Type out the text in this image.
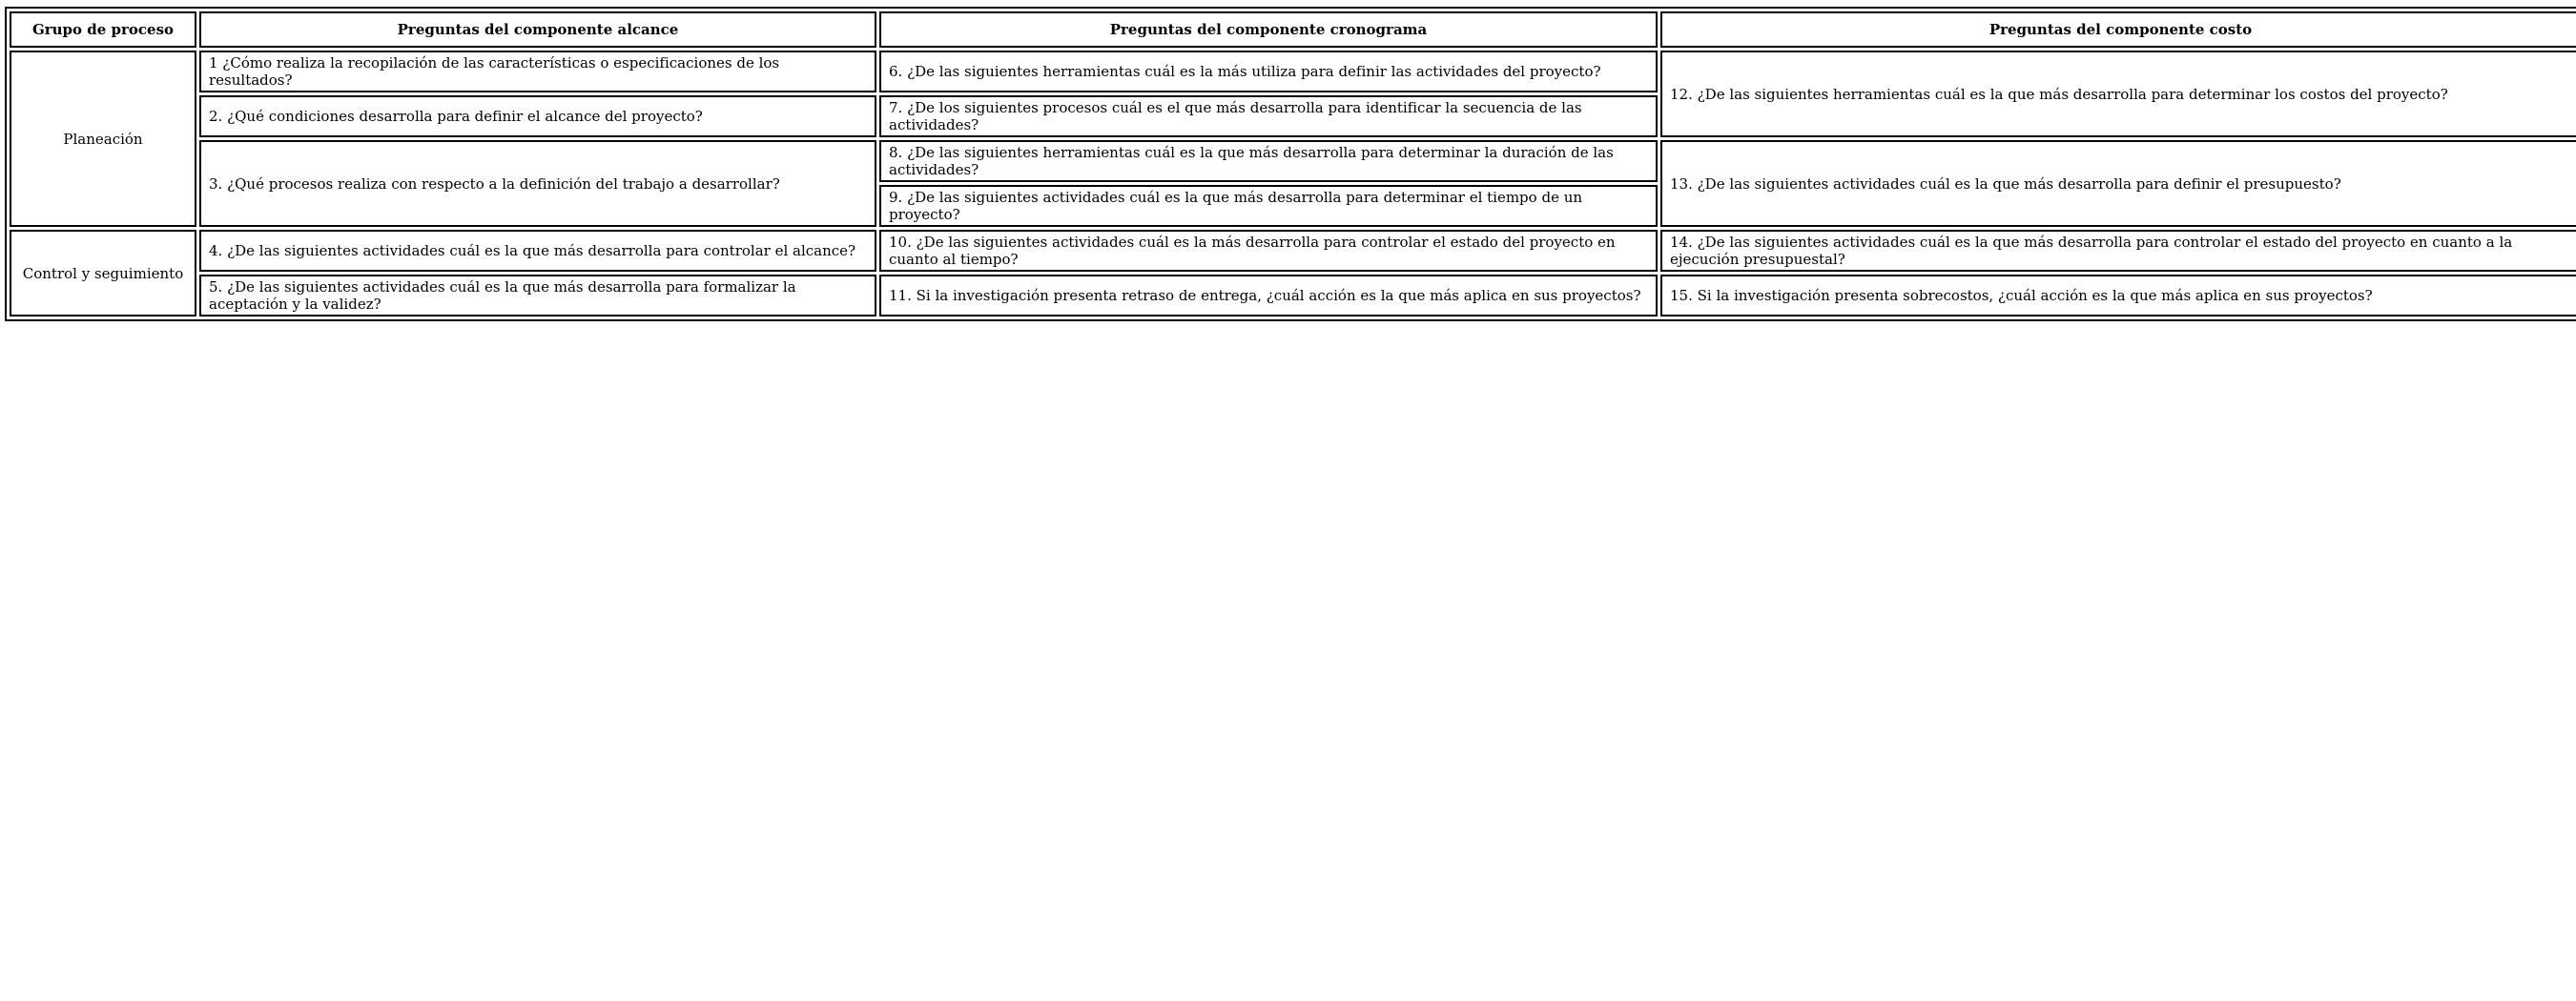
Grupo de proceso	Preguntas del componente alcance	Preguntas del componente cronograma	Preguntas del componente costo
Planeación	1 ¿Cómo realiza la recopilación de las características o especificaciones de los resultados?	6. ¿De las siguientes herramientas cuál es la más utiliza para definir las actividades del proyecto?	12. ¿De las siguientes herramientas cuál es la que más desarrolla para determinar los costos del proyecto?
	2. ¿Qué condiciones desarrolla para definir el alcance del proyecto?	7. ¿De los siguientes procesos cuál es el que más desarrolla para identificar la secuencia de las actividades?	
	3. ¿Qué procesos realiza con respecto a la definición del trabajo a desarrollar?	8. ¿De las siguientes herramientas cuál es la que más desarrolla para determinar la duración de las actividades?	13. ¿De las siguientes actividades cuál es la que más desarrolla para definir el presupuesto?
		9. ¿De las siguientes actividades cuál es la que más desarrolla para determinar el tiempo de un proyecto?	
Control y seguimiento	4. ¿De las siguientes actividades cuál es la que más desarrolla para controlar el alcance?	10. ¿De las siguientes actividades cuál es la más desarrolla para controlar el estado del proyecto en cuanto al tiempo?	14. ¿De las siguientes actividades cuál es la que más desarrolla para controlar el estado del proyecto en cuanto a la ejecución presupuestal?
	5. ¿De las siguientes actividades cuál es la que más desarrolla para formalizar la aceptación y la validez?	11. Si la investigación presenta retraso de entrega, ¿cuál acción es la que más aplica en sus proyectos?	15. Si la investigación presenta sobrecostos, ¿cuál acción es la que más aplica en sus proyectos?
